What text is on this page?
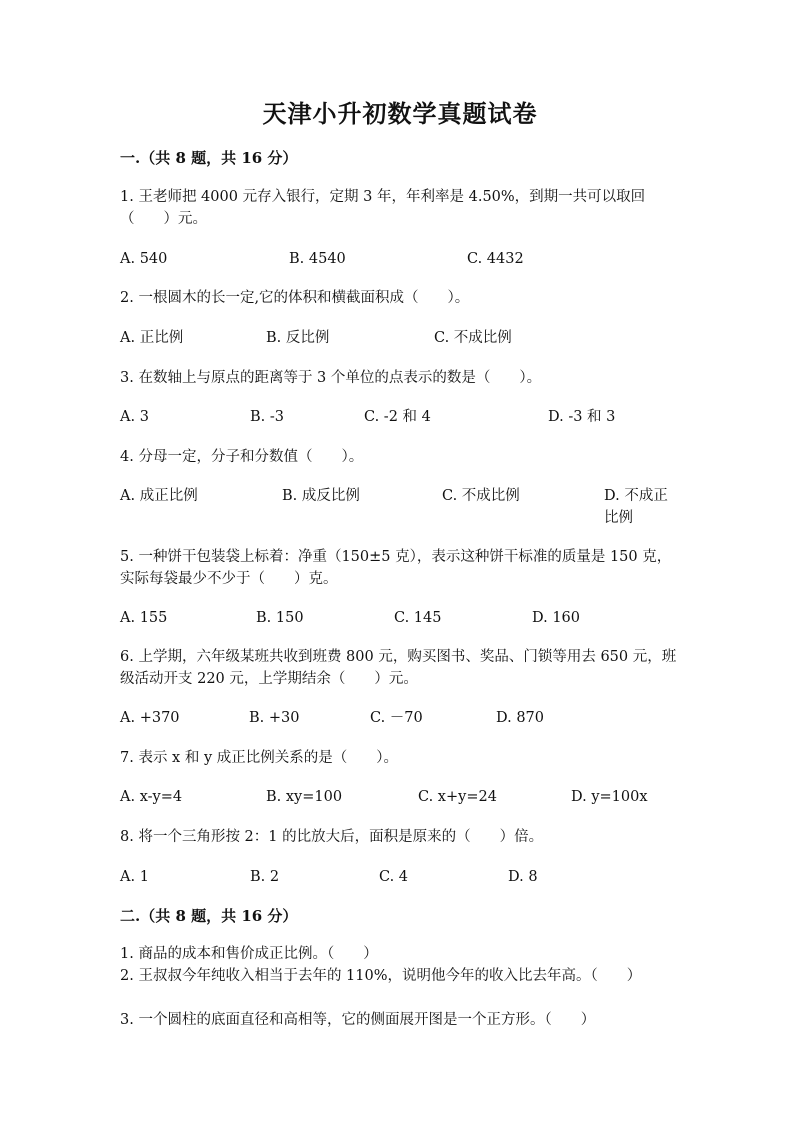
天津小升初数学真题试卷
一.（共 8 题，共 16 分）
1. 王老师把 4000 元存入银行，定期 3 年，年利率是 4.50%，到期一共可以取回（　　）元。
A. 540	B. 4540	C. 4432
2. 一根圆木的长一定,它的体积和横截面积成（　　）。
A. 正比例	B. 反比例	C. 不成比例
3. 在数轴上与原点的距离等于 3 个单位的点表示的数是（　　）。
A. 3	B. -3	C. -2 和 4	D. -3 和 3
4. 分母一定，分子和分数值（　　）。
A. 成正比例	B. 成反比例	C. 不成比例	D. 不成正比例
5. 一种饼干包装袋上标着：净重（150±5 克），表示这种饼干标准的质量是 150 克，实际每袋最少不少于（　　）克。
A. 155	B. 150	C. 145	D. 160
6. 上学期，六年级某班共收到班费 800 元，购买图书、奖品、门锁等用去 650 元，班级活动开支 220 元，上学期结余（　　）元。
A. +370	B. +30	C. －70	D. 870
7. 表示 x 和 y 成正比例关系的是（　　）。
A. x-y=4	B. xy=100	C. x+y=24	D. y=100x
8. 将一个三角形按 2：1 的比放大后，面积是原来的（　　）倍。
A. 1	B. 2	C. 4	D. 8
二.（共 8 题，共 16 分）
1. 商品的成本和售价成正比例。（　　）
2. 王叔叔今年纯收入相当于去年的 110%，说明他今年的收入比去年高。（　　）
3. 一个圆柱的底面直径和高相等，它的侧面展开图是一个正方形。（　　）
